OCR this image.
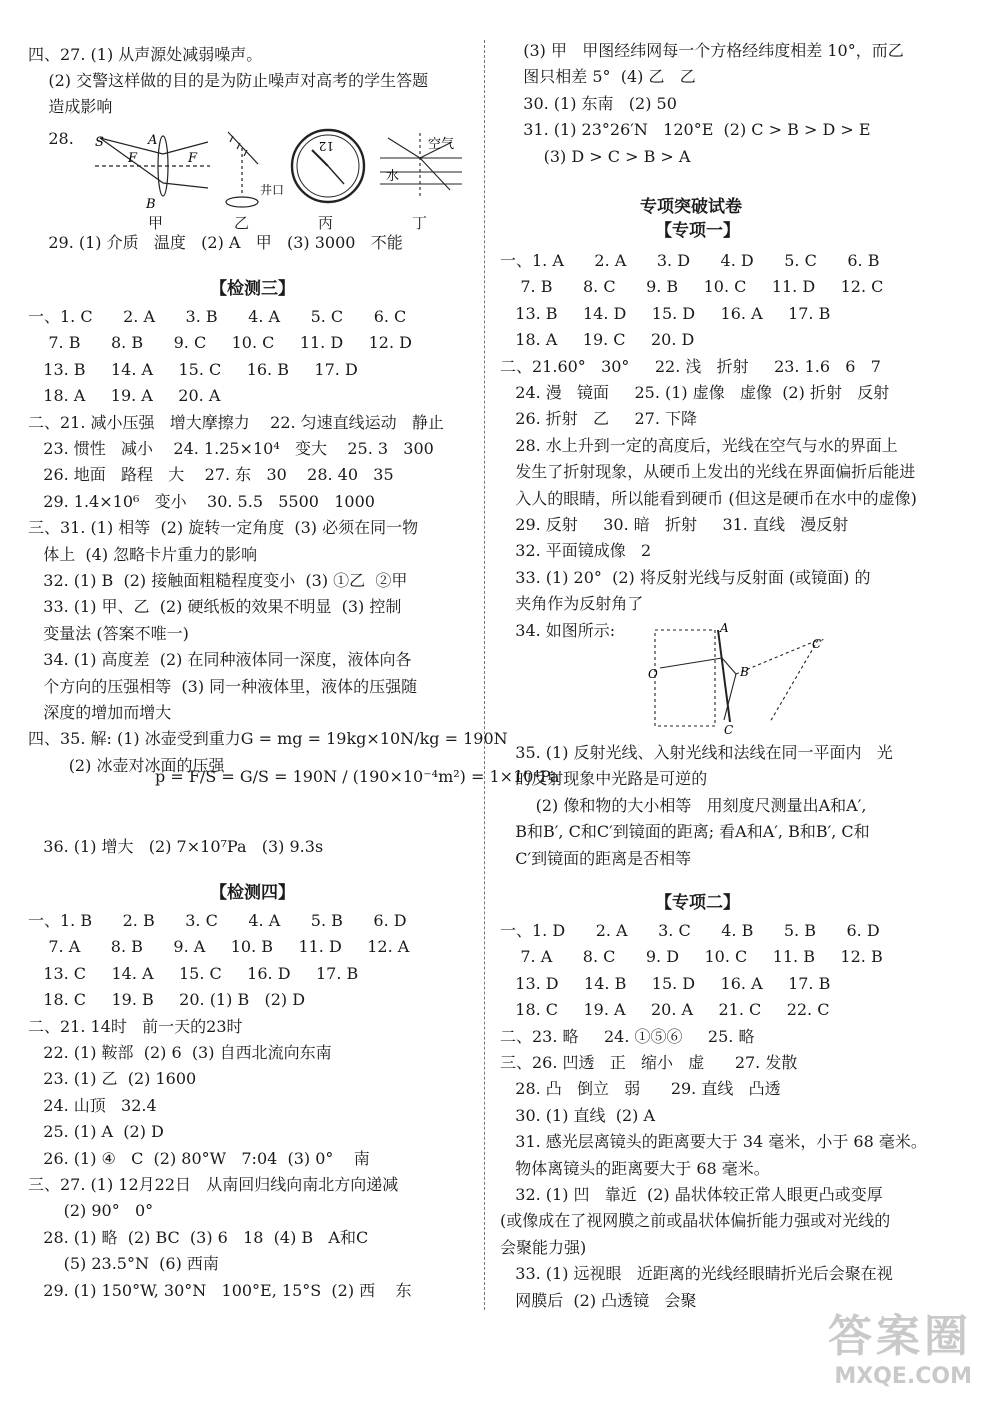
四、27. (1) 从声源处减弱噪声。
(2) 交警这样做的目的是为防止噪声对高考的学生答题
造成影响
28. S	A
F	F
B
井口
12	空气
水
甲	乙	丙	丁
29. (1) 介质   温度   (2) A   甲   (3) 3000   不能
【检测三】
一、1. C      2. A      3. B      4. A      5. C      6. C
7. B      8. B      9. C     10. C     11. D     12. D
13. B     14. A     15. C     16. B     17. D
18. A     19. A     20. A
二、21. 减小压强   增大摩擦力    22. 匀速直线运动   静止
23. 惯性   减小    24. 1.25×10⁴   变大    25. 3   300
26. 地面   路程   大    27. 东   30    28. 40   35
29. 1.4×10⁶   变小    30. 5.5   5500   1000
三、31. (1) 相等  (2) 旋转一定角度  (3) 必须在同一物
体上  (4) 忽略卡片重力的影响
32. (1) B  (2) 接触面粗糙程度变小  (3) ①乙  ②甲
33. (1) 甲、乙  (2) 硬纸板的效果不明显  (3) 控制
变量法 (答案不唯一)
34. (1) 高度差  (2) 在同种液体同一深度，液体向各
个方向的压强相等  (3) 同一种液体里，液体的压强随
深度的增加而增大
四、35. 解: (1) 冰壶受到重力G = mg = 19kg×10N/kg = 190N
(2) 冰壶对冰面的压强
p = F/S = G/S = 190N / (190×10⁻⁴m²) = 1×10⁴Pa
36. (1) 增大   (2) 7×10⁷Pa   (3) 9.3s
【检测四】
一、1. B      2. B      3. C      4. A      5. B      6. D
7. A      8. B      9. A     10. B     11. D     12. A
13. C     14. A     15. C     16. D     17. B
18. C     19. B     20. (1) B   (2) D
二、21. 14时   前一天的23时
22. (1) 鞍部  (2) 6  (3) 自西北流向东南
23. (1) 乙  (2) 1600
24. 山顶   32.4
25. (1) A  (2) D
26. (1) ④   C  (2) 80°W   7:04  (3) 0°    南
三、27. (1) 12月22日   从南回归线向南北方向递减
(2) 90°   0°
28. (1) 略  (2) BC  (3) 6   18  (4) B   A和C
(5) 23.5°N  (6) 西南
29. (1) 150°W, 30°N   100°E, 15°S  (2) 西    东
(3) 甲   甲图经纬网每一个方格经纬度相差 10°，而乙
图只相差 5°  (4) 乙   乙
30. (1) 东南   (2) 50
31. (1) 23°26′N   120°E  (2) C > B > D > E
(3) D > C > B > A
专项突破试卷
【专项一】
一、1. A      2. A      3. D      4. D      5. C      6. B
7. B      8. C      9. B     10. C     11. D     12. C
13. B     14. D     15. D     16. A     17. B
18. A     19. C     20. D
二、21.60°   30°     22. 浅   折射     23. 1.6   6   7
24. 漫   镜面     25. (1) 虚像   虚像  (2) 折射   反射
26. 折射   乙     27. 下降
28. 水上升到一定的高度后，光线在空气与水的界面上
发生了折射现象，从硬币上发出的光线在界面偏折后能进
入人的眼睛，所以能看到硬币 (但这是硬币在水中的虚像)
29. 反射     30. 暗   折射     31. 直线   漫反射
32. 平面镜成像   2
33. (1) 20°  (2) 将反射光线与反射面 (或镜面) 的
夹角作为反射角了
34. 如图所示:	A
B
C
C′
O
35. (1) 反射光线、入射光线和法线在同一平面内   光
的反射现象中光路是可逆的
(2) 像和物的大小相等   用刻度尺测量出A和A′,
B和B′, C和C′到镜面的距离; 看A和A′, B和B′, C和
C′到镜面的距离是否相等
【专项二】
一、1. D      2. A      3. C      4. B      5. B      6. D
7. A      8. C      9. D     10. C     11. B     12. B
13. D     14. B     15. D     16. A     17. B
18. C     19. A     20. A     21. C     22. C
二、23. 略     24. ①⑤⑥     25. 略
三、26. 凹透   正   缩小   虚      27. 发散
28. 凸   倒立   弱      29. 直线   凸透
30. (1) 直线  (2) A
31. 感光层离镜头的距离要大于 34 毫米，小于 68 毫米。
物体离镜头的距离要大于 68 毫米。
32. (1) 凹   靠近  (2) 晶状体较正常人眼更凸或变厚
(或像成在了视网膜之前或晶状体偏折能力强或对光线的
会聚能力强)
33. (1) 远视眼   近距离的光线经眼睛折光后会聚在视
网膜后  (2) 凸透镜   会聚
答案圈
MXQE.COM
